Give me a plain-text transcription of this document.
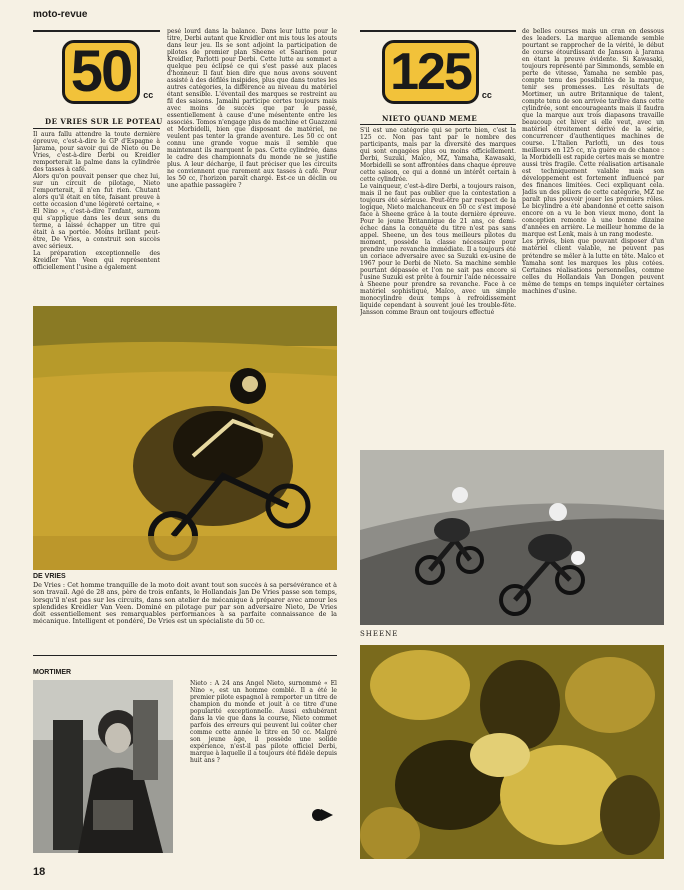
moto-revue
50	cc
DE VRIES SUR LE POTEAU
Il aura fallu attendre la toute dernière épreuve, c'est-à-dire le GP d'Espagne à Jarama, pour savoir qui de Nieto ou De Vries, c'est-à-dire Derbi ou Kreidler remporterait la palme dans la cylindrée des tasses à café.
Alors qu'on pouvait penser que chez lui, sur un circuit de pilotage, Nieto l'emporterait, il n'en fut rien. Chutant alors qu'il était en tête, faisant preuve à cette occasion d'une légèreté certaine, « El Nino », c'est-à-dire l'enfant, surnom qui s'applique dans les deux sens du terme, a laissé échapper un titre qui était à sa portée. Moins brillant peut-être, De Vries, a construit son succès avec sérieux.
La préparation exceptionnelle des Kreidler Van Veen qui représentent officiellement l'usine a également
pesé lourd dans la balance. Dans leur lutte pour le titre, Derbi autant que Kreidler ont mis tous les atouts dans leur jeu. Ils se sont adjoint la participation de pilotes de premier plan Sheene et Saarinen pour Kreidler, Parlotti pour Derbi. Cette lutte au sommet a quelque peu éclipsé ce qui s'est passé aux places d'honneur. Il faut bien dire que nous avons souvent assisté à des défilés insipides, plus que dans toutes les autres catégories, la différence au niveau du matériel étant sensible. L'éventail des marques se restreint au fil des saisons. Jamaihi participe certes toujours mais avec moins de succès que par le passé, essentiellement à cause d'une mésentente entre les associés. Tomos n'engage plus de machine et Guazzoni et Morbidelli, bien que disposant de matériel, ne veulent pas tenter la grande aventure. Les 50 cc ont connu une grande vogue mais il semble que maintenant ils marquent le pas. Cette cylindrée, dans le cadre des championnats du monde ne se justifie plus. A leur décharge, il faut préciser que les circuits ne conviennent que rarement aux tasses à café. Pour les 50 cc, l'horizon paraît chargé. Est-ce un déclin ou une apathie passagère ?
DE VRIES
De Vries : Cet homme tranquille de la moto doit avant tout son succès à sa persévérance et à son travail. Agé de 28 ans, père de trois enfants, le Hollandais Jan De Vries passe son temps, lorsqu'il n'est pas sur les circuits, dans son atelier de mécanique à préparer avec amour les splendides Kreidler Van Veen. Dominé en pilotage pur par son adversaire Nieto, De Vries doit essentiellement ses remarquables performances à sa parfaite connaissance de la mécanique. Intelligent et pondéré, De Vries est un spécialiste du 50 cc.
MORTIMER
Nieto : A 24 ans Angel Nieto, surnommé « El Nino », est un homme comblé. Il a été le premier pilote espagnol à remporter un titre de champion du monde et jouit à ce titre d'une popularité exceptionnelle. Aussi exhubérant dans la vie que dans la course, Nieto commet parfois des erreurs qui peuvent lui coûter cher comme cette année le titre en 50 cc. Malgré son jeune âge, il possède une solide expérience, n'est-il pas pilote officiel Derbi, marque à laquelle il a toujours été fidèle depuis huit ans ?
125	cc
NIETO QUAND MEME
S'il est une catégorie qui se porte bien, c'est la 125 cc. Non pas tant par le nombre des participants, mais par la diversité des marques qui sont engagées plus ou moins officiellement. Derbi, Suzuki, Maïco, MZ, Yamaha, Kawasaki, Morbidelli se sont affrontées dans chaque épreuve cette saison, ce qui a donné un intérêt certain à cette cylindrée.
Le vainqueur, c'est-à-dire Derbi, a toujours raison, mais il ne faut pas oublier que la contestation a toujours été sérieuse. Peut-être par respect de la logique, Nieto malchanceux en 50 cc s'est imposé face à Sheene grâce à la toute dernière épreuve. Pour le jeune Britannique de 21 ans, ce demi-échec dans la conquête du titre n'est pas sans appel. Sheene, un des tous meilleurs pilotes du moment, possède la classe nécessaire pour prendre une revanche immédiate. Il a toujours été un coriace adversaire avec sa Suzuki ex-usine de 1967 pour le Derbi de Nieto. Sa machine semble pourtant dépassée et l'on ne sait pas encore si l'usine Suzuki est prête à fournir l'aide nécessaire à Sheene pour prendre sa revanche. Face à ce matériel sophistiqué, Maïco, avec un simple monocylindre deux temps à refroidissement liquide cependant à souvent joué les trouble-fête. Jansson comme Braun ont toujours effectué
de belles courses mais un cran en dessous des leaders. La marque allemande semble pourtant se rapprocher de la vérité, le début de course étourdissant de Jansson à Jarama en étant la preuve évidente. Si Kawasaki, toujours représenté par Simmonds, semble en perte de vitesse, Yamaha ne semble pas, compte tenu des possibilités de la marque, tenir ses promesses. Les résultats de Mortimer, un autre Britannique de talent, compte tenu de son arrivée tardive dans cette cylindrée, sont encourageants mais il faudra que la marque aux trois diapasons travaille beaucoup cet hiver si elle veut, avec un matériel étroitement dérivé de la série, concurrencer d'authentiques machines de course. L'Italien Parlotti, un des tous meilleurs en 125 cc, n'a guère eu de chance : la Morbidelli est rapide certes mais se montre aussi très fragile. Cette réalisation artisanale est techniquement valable mais son développement est fortement influencé par des finances limitées. Ceci expliquant cela. Jadis un des piliers de cette catégorie, MZ ne paraît plus pouvoir jouer les premiers rôles. Le bicylindre a été abandonné et cette saison encore on a vu le bon vieux mono, dont la conception remonte à une bonne dizaine d'années en arrière. Le meilleur homme de la marque est Lenk, mais à un rang modeste.
Les privés, bien que pouvant disposer d'un matériel client valable, ne peuvent pas prétendre se mêler à la lutte en tête. Maïco et Yamaha sont les marques les plus cotées. Certaines réalisations personnelles, comme celles du Hollandais Van Dongen peuvent même de temps en temps inquiéter certaines machines d'usine.
SHEENE
18
